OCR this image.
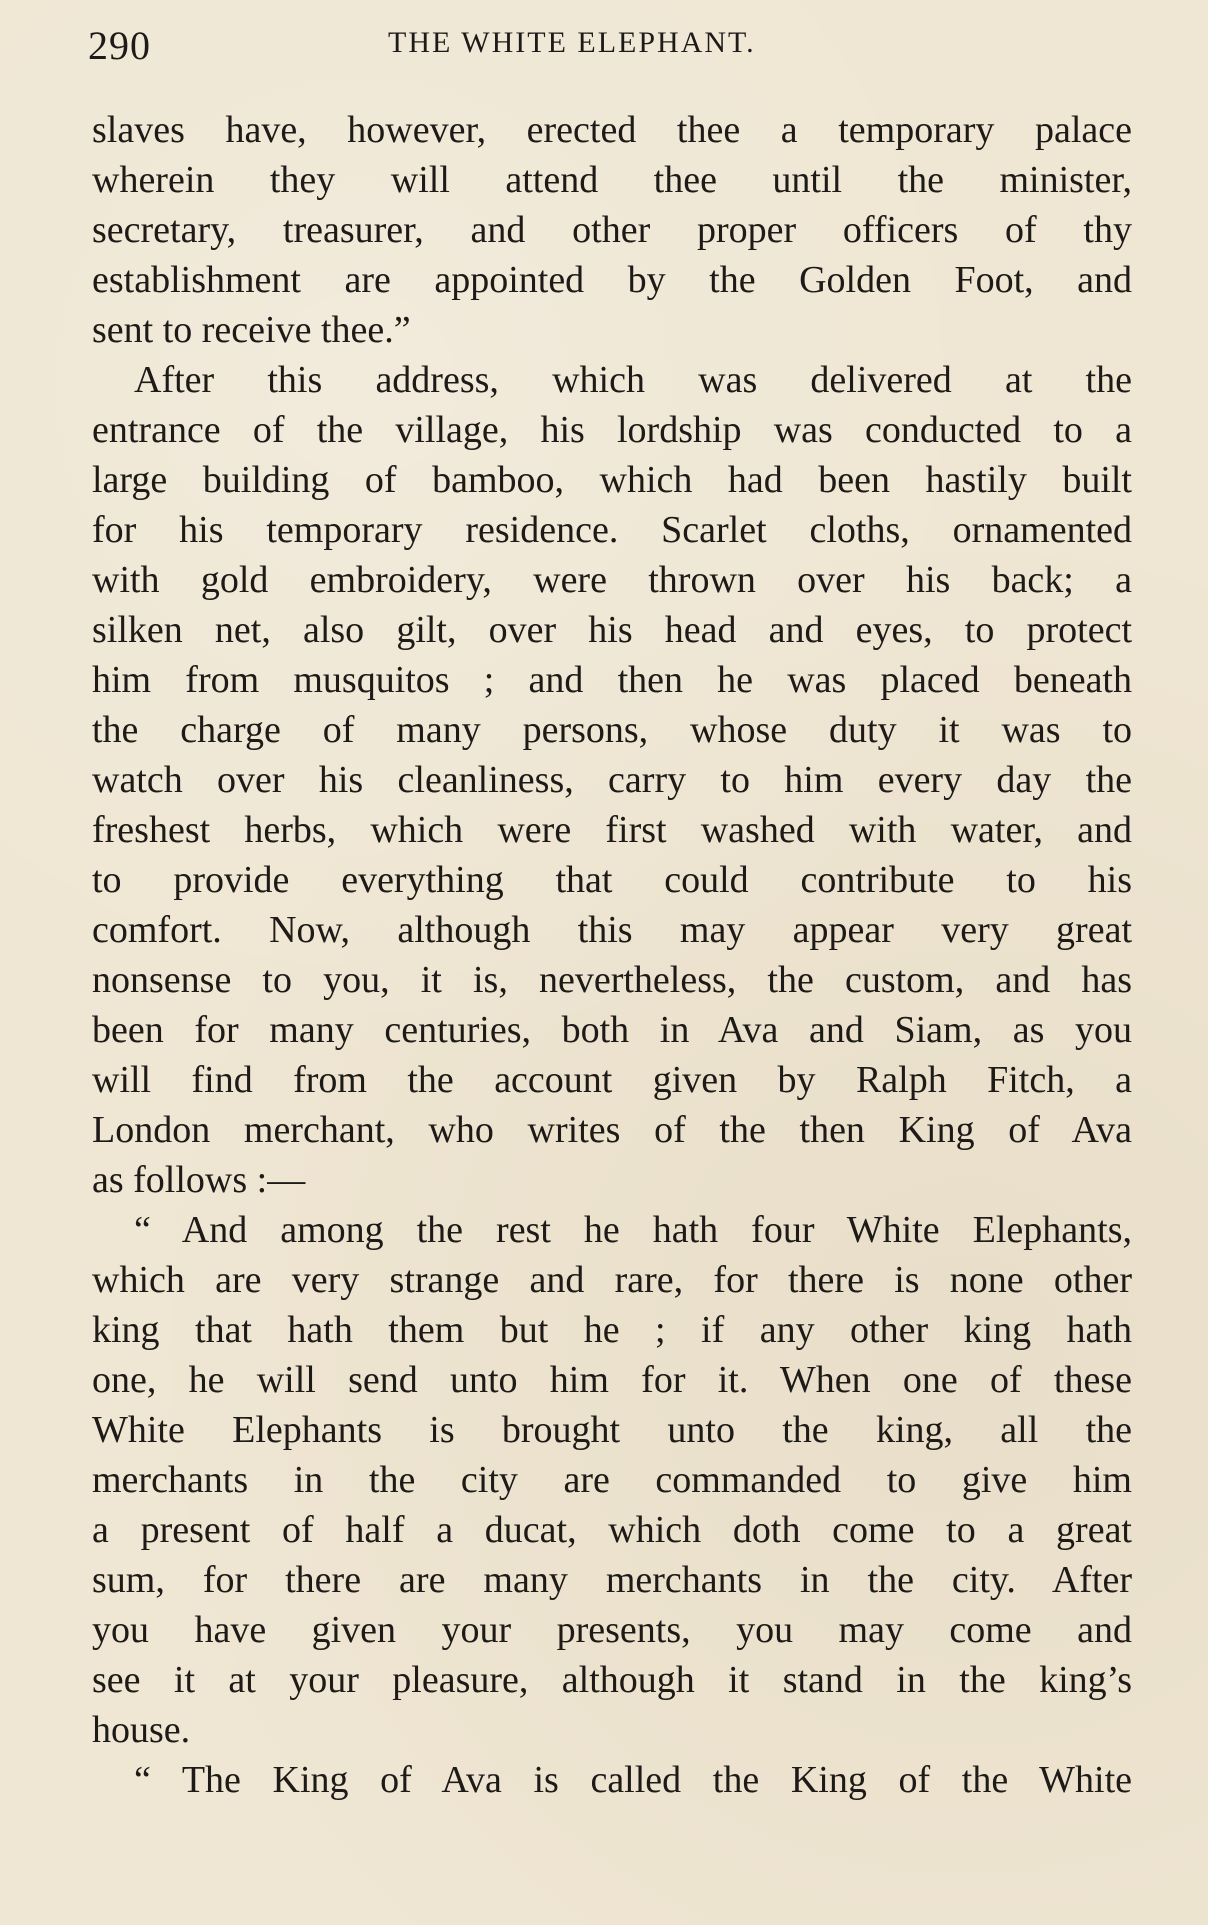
290	THE WHITE ELEPHANT.
slaves have, however, erected thee a temporary palace
wherein they will attend thee until the minister,
secretary, treasurer, and other proper officers of thy
establishment are appointed by the Golden Foot, and
sent to receive thee.”
After this address, which was delivered at the
entrance of the village, his lordship was conducted to a
large building of bamboo, which had been hastily built
for his temporary residence. Scarlet cloths, ornamented
with gold embroidery, were thrown over his back; a
silken net, also gilt, over his head and eyes, to protect
him from musquitos ; and then he was placed beneath
the charge of many persons, whose duty it was to
watch over his cleanliness, carry to him every day the
freshest herbs, which were first washed with water, and
to provide everything that could contribute to his
comfort. Now, although this may appear very great
nonsense to you, it is, nevertheless, the custom, and has
been for many centuries, both in Ava and Siam, as you
will find from the account given by Ralph Fitch, a
London merchant, who writes of the then King of Ava
as follows :—
“ And among the rest he hath four White Elephants,
which are very strange and rare, for there is none other
king that hath them but he ; if any other king hath
one, he will send unto him for it. When one of these
White Elephants is brought unto the king, all the
merchants in the city are commanded to give him
a present of half a ducat, which doth come to a great
sum, for there are many merchants in the city. After
you have given your presents, you may come and
see it at your pleasure, although it stand in the king’s
house.
“ The King of Ava is called the King of the White
